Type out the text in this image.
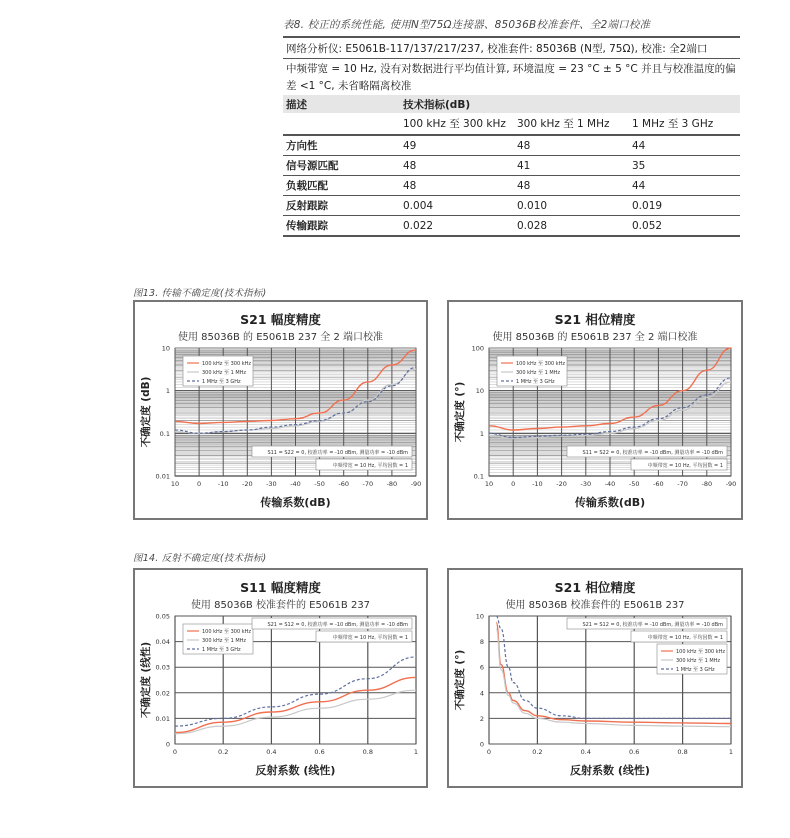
表8. 校正的系统性能, 使用N型75Ω连接器、85036B校准套件、全2端口校准
网络分析仪: E5061B-117/137/217/237, 校准套件: 85036B (N型, 75Ω), 校准: 全2端口
中频带宽 = 10 Hz, 没有对数据进行平均值计算, 环境温度 = 23 °C ± 5 °C 并且与校准温度的偏
差 <1 °C, 未省略隔离校准
描述	技术指标(dB)
100 kHz 至 300 kHz	300 kHz 至 1 MHz	1 MHz 至 3 GHz
方向性	49	48	44
信号源匹配	48	41	35
负载匹配	48	48	44
反射跟踪	0.004	0.010	0.019
传输跟踪	0.022	0.028	0.052
图13. 传输不确定度(技术指标)
图14. 反射不确定度(技术指标)
S21 幅度精度
使用 85036B 的 E5061B 237 全 2 端口校准
10	0	-10 -20 -30 -40 -50 -60 -70 -80 -90
0.01
0.1
1
10
传输系数(dB)
不确定度 (dB)
100 kHz 至 300 kHz
300 kHz 至 1 MHz
1 MHz 至 3 GHz
S11 = S22 = 0, 校准功率 = -10 dBm, 测量功率 = -10 dBm
中频带宽 = 10 Hz, 平均因数 = 1
S21 相位精度
使用 85036B 的 E5061B 237 全 2 端口校准
10	0	-10 -20 -30 -40 -50 -60 -70 -80 -90
0.1
1
10
100
传输系数(dB)
不确定度 (°)
100 kHz 至 300 kHz
300 kHz 至 1 MHz
1 MHz 至 3 GHz
S11 = S22 = 0, 校准功率 = -10 dBm, 测量功率 = -10 dBm
中频带宽 = 10 Hz, 平均因数 = 1
S11 幅度精度
使用 85036B 校准套件的 E5061B 237
0	0.2	0.4	0.6	0.8	1
0
0.01
0.02
0.03
0.04
0.05
反射系数 (线性)
不确定度 (线性)
100 kHz 至 300 kHz
300 kHz 至 1 MHz
1 MHz 至 3 GHz
S21 = S12 = 0, 校准功率 = -10 dBm, 测量功率 = -10 dBm
中频带宽 = 10 Hz, 平均因数 = 1
S21 相位精度
使用 85036B 校准套件的 E5061B 237
0	0.2	0.4	0.6	0.8	1
0
2
4
6
8
10
反射系数 (线性)
不确定度 (°)	100 kHz 至 300 kHz
300 kHz 至 1 MHz
1 MHz 至 3 GHz
S21 = S12 = 0, 校准功率 = -10 dBm, 测量功率 = -10 dBm
中频带宽 = 10 Hz, 平均因数 = 1
